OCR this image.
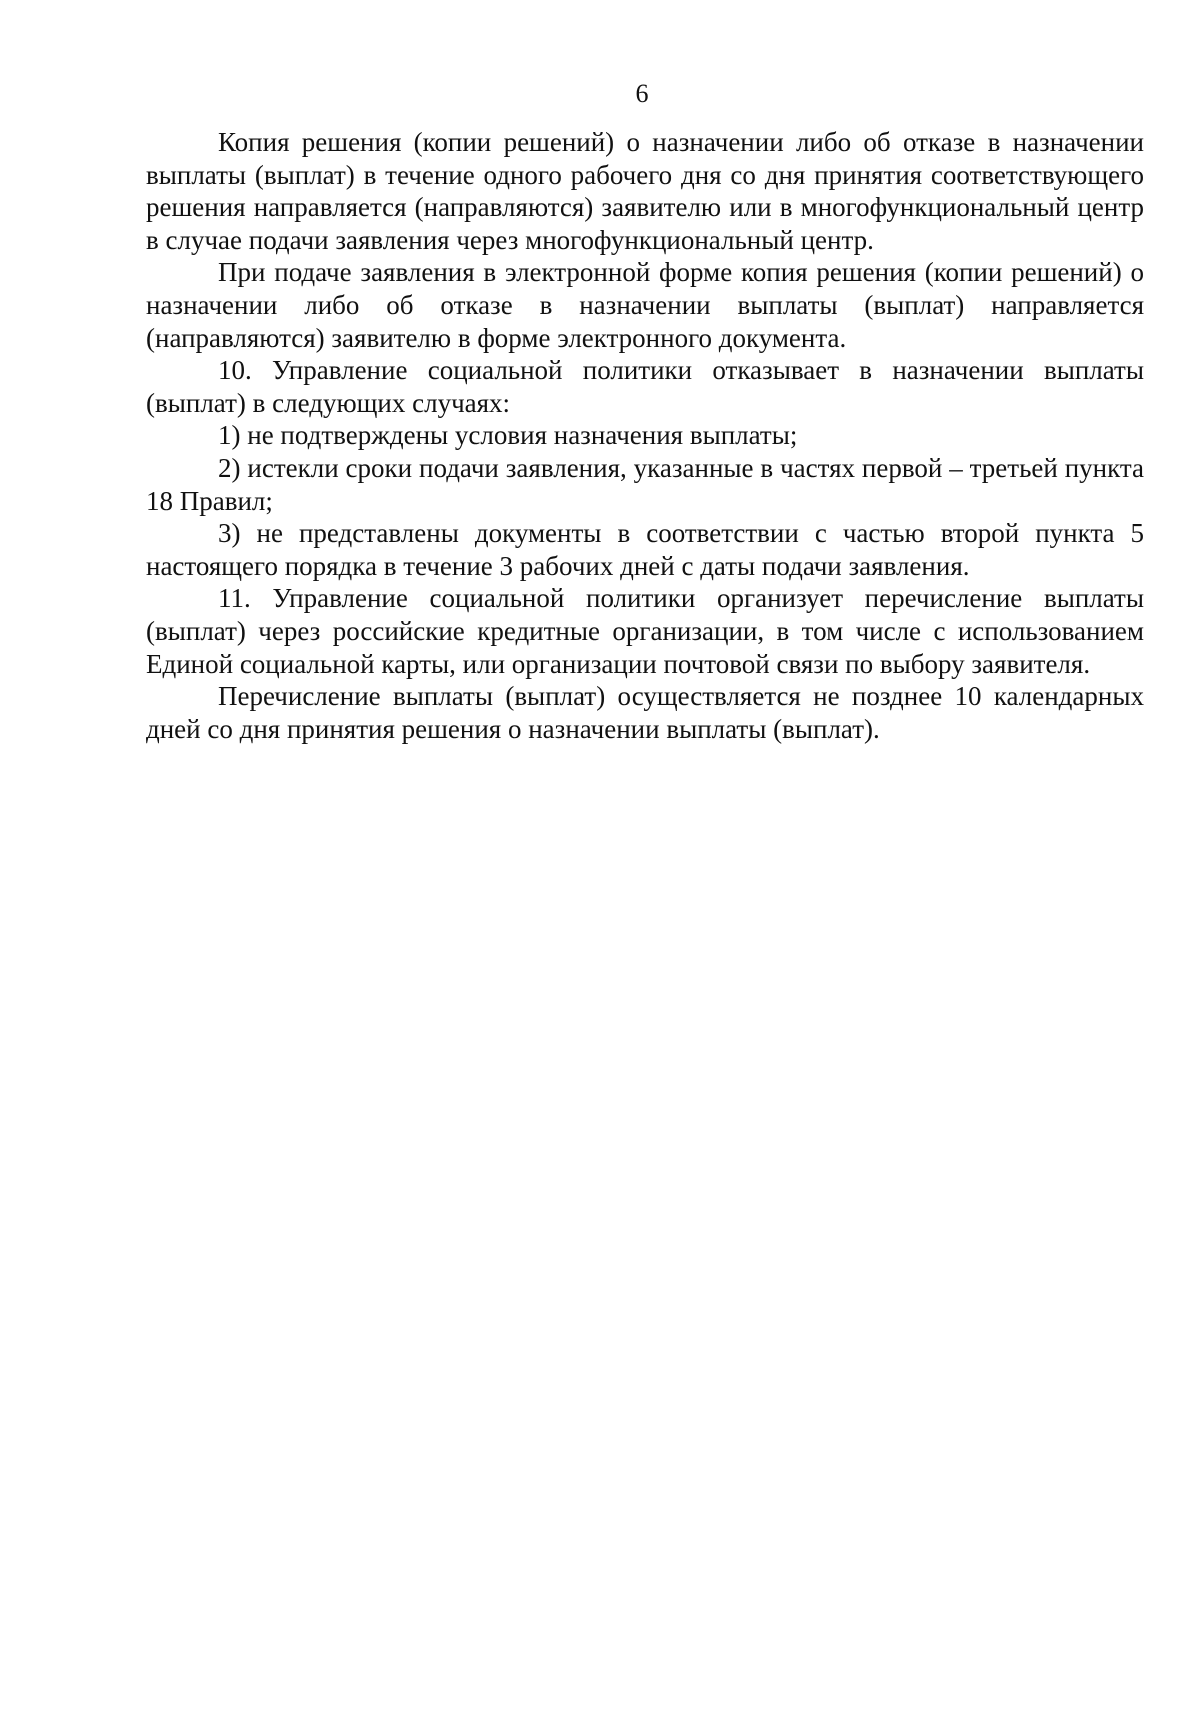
6

Копия решения (копии решений) о назначении либо об отказе в назначении выплаты (выплат) в течение одного рабочего дня со дня принятия соответствующего решения направляется (направляются) заявителю или в многофункциональный центр в случае подачи заявления через многофункциональный центр.

При подаче заявления в электронной форме копия решения (копии решений) о назначении либо об отказе в назначении выплаты (выплат) направляется (направляются) заявителю в форме электронного документа.

10. Управление социальной политики отказывает в назначении выплаты (выплат) в следующих случаях:

1) не подтверждены условия назначения выплаты;

2) истекли сроки подачи заявления, указанные в частях первой – третьей пункта 18 Правил;

3) не представлены документы в соответствии с частью второй пункта 5 настоящего порядка в течение 3 рабочих дней с даты подачи заявления.

11. Управление социальной политики организует перечисление выплаты (выплат) через российские кредитные организации, в том числе с использованием Единой социальной карты, или организации почтовой связи по выбору заявителя.

Перечисление выплаты (выплат) осуществляется не позднее 10 календарных дней со дня принятия решения о назначении выплаты (выплат).
